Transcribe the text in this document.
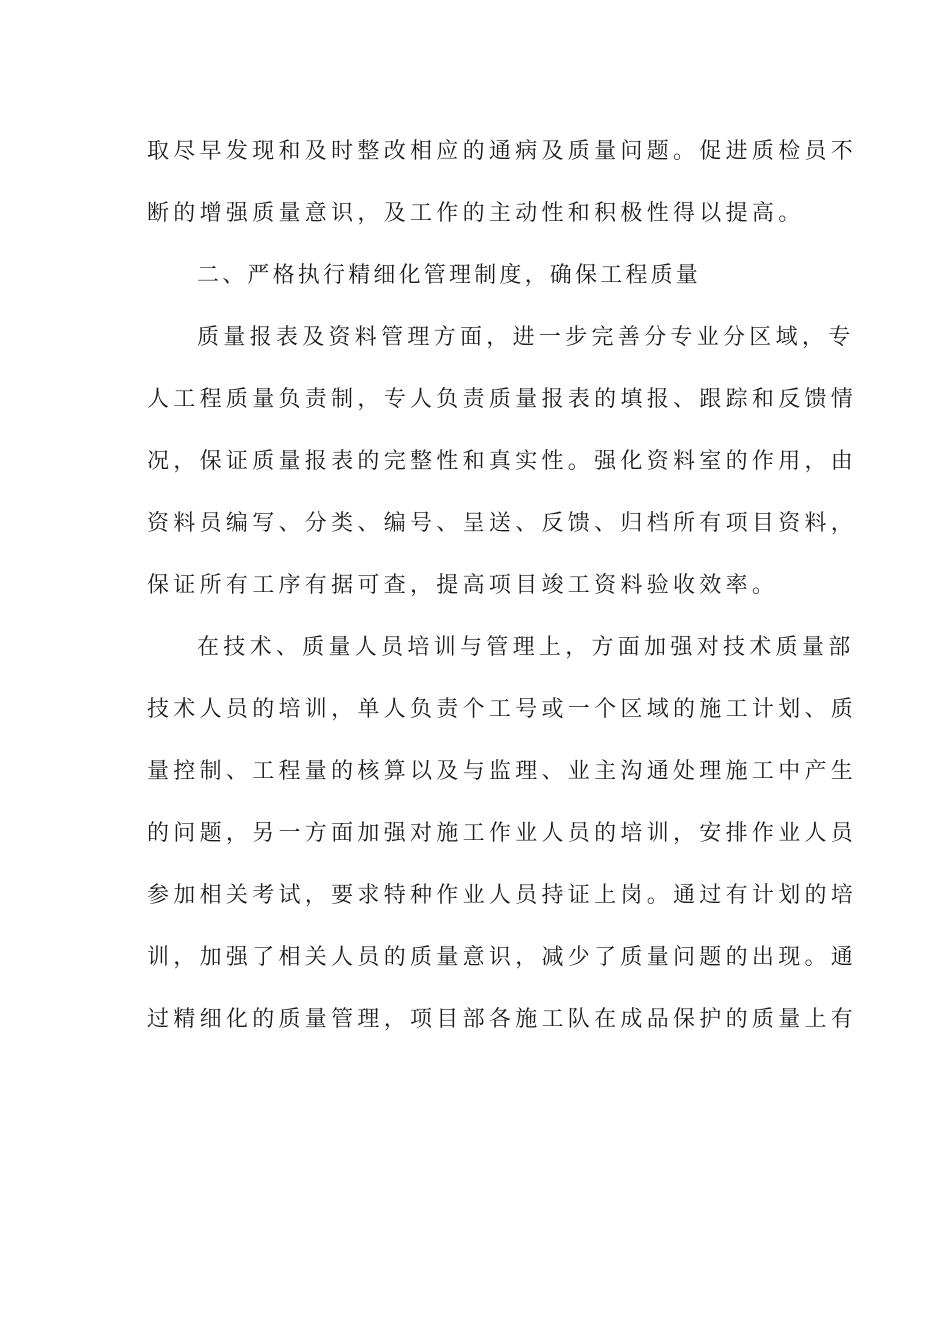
取尽早发现和及时整改相应的通病及质量问题。促进质检员不
断的增强质量意识，及工作的主动性和积极性得以提高。
二、严格执行精细化管理制度，确保工程质量
质量报表及资料管理方面，进一步完善分专业分区域，专
人工程质量负责制，专人负责质量报表的填报、跟踪和反馈情
况，保证质量报表的完整性和真实性。强化资料室的作用，由
资料员编写、分类、编号、呈送、反馈、归档所有项目资料，
保证所有工序有据可查，提高项目竣工资料验收效率。
在技术、质量人员培训与管理上，方面加强对技术质量部
技术人员的培训，单人负责个工号或一个区域的施工计划、质
量控制、工程量的核算以及与监理、业主沟通处理施工中产生
的问题，另一方面加强对施工作业人员的培训，安排作业人员
参加相关考试，要求特种作业人员持证上岗。通过有计划的培
训，加强了相关人员的质量意识，减少了质量问题的出现。通
过精细化的质量管理，项目部各施工队在成品保护的质量上有
